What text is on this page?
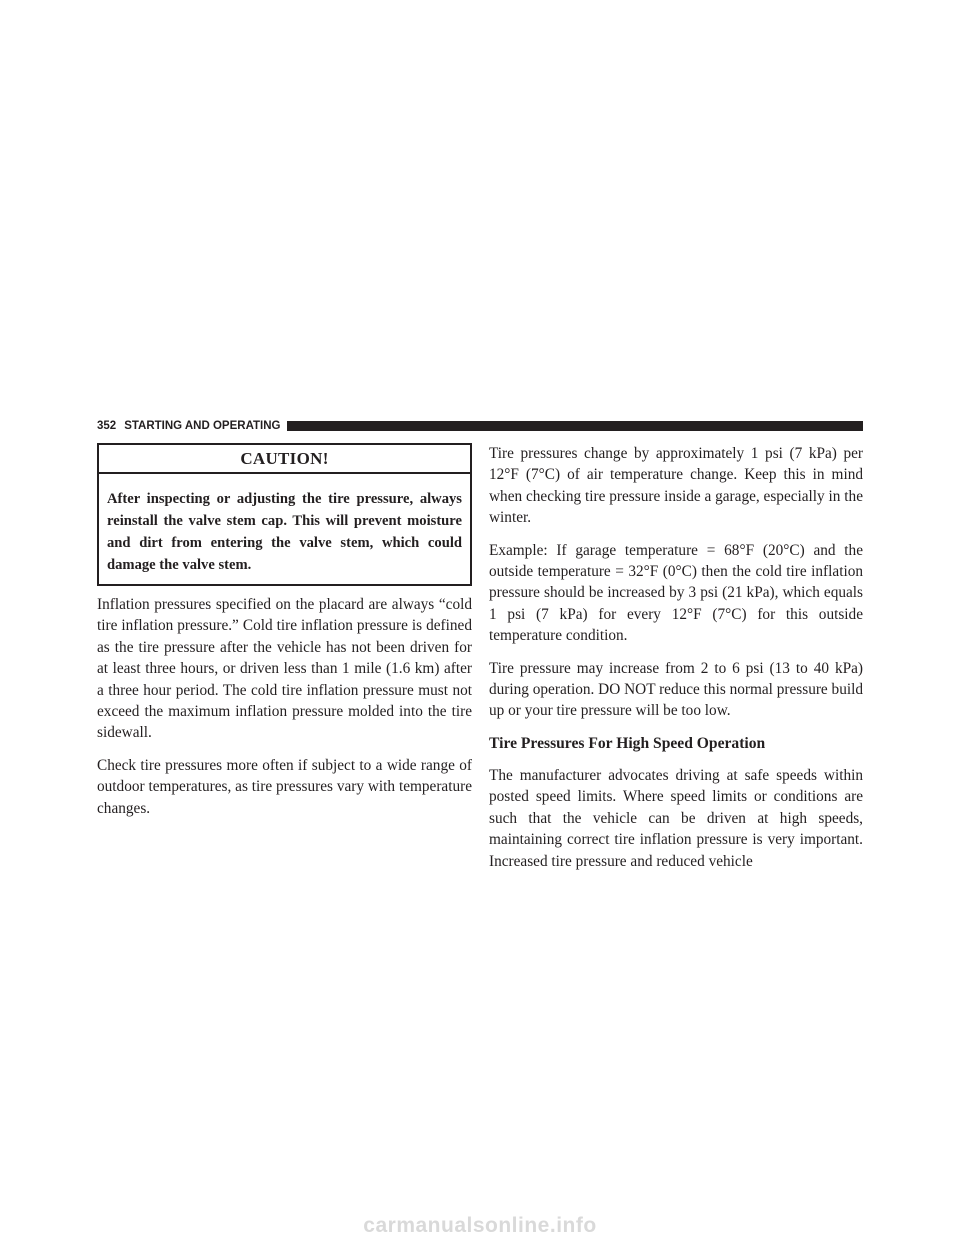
352 STARTING AND OPERATING
CAUTION!
After inspecting or adjusting the tire pressure, always reinstall the valve stem cap. This will prevent moisture and dirt from entering the valve stem, which could damage the valve stem.

Inflation pressures specified on the placard are always “cold tire inflation pressure.” Cold tire inflation pressure is defined as the tire pressure after the vehicle has not been driven for at least three hours, or driven less than 1 mile (1.6 km) after a three hour period. The cold tire inflation pressure must not exceed the maximum inflation pressure molded into the tire sidewall.

Check tire pressures more often if subject to a wide range of outdoor temperatures, as tire pressures vary with temperature changes.

Tire pressures change by approximately 1 psi (7 kPa) per 12°F (7°C) of air temperature change. Keep this in mind when checking tire pressure inside a garage, especially in the winter.

Example: If garage temperature = 68°F (20°C) and the outside temperature = 32°F (0°C) then the cold tire inflation pressure should be increased by 3 psi (21 kPa), which equals 1 psi (7 kPa) for every 12°F (7°C) for this outside temperature condition.

Tire pressure may increase from 2 to 6 psi (13 to 40 kPa) during operation. DO NOT reduce this normal pressure build up or your tire pressure will be too low.

Tire Pressures For High Speed Operation

The manufacturer advocates driving at safe speeds within posted speed limits. Where speed limits or conditions are such that the vehicle can be driven at high speeds, maintaining correct tire inflation pressure is very important. Increased tire pressure and reduced vehicle

carmanualsonline.info
